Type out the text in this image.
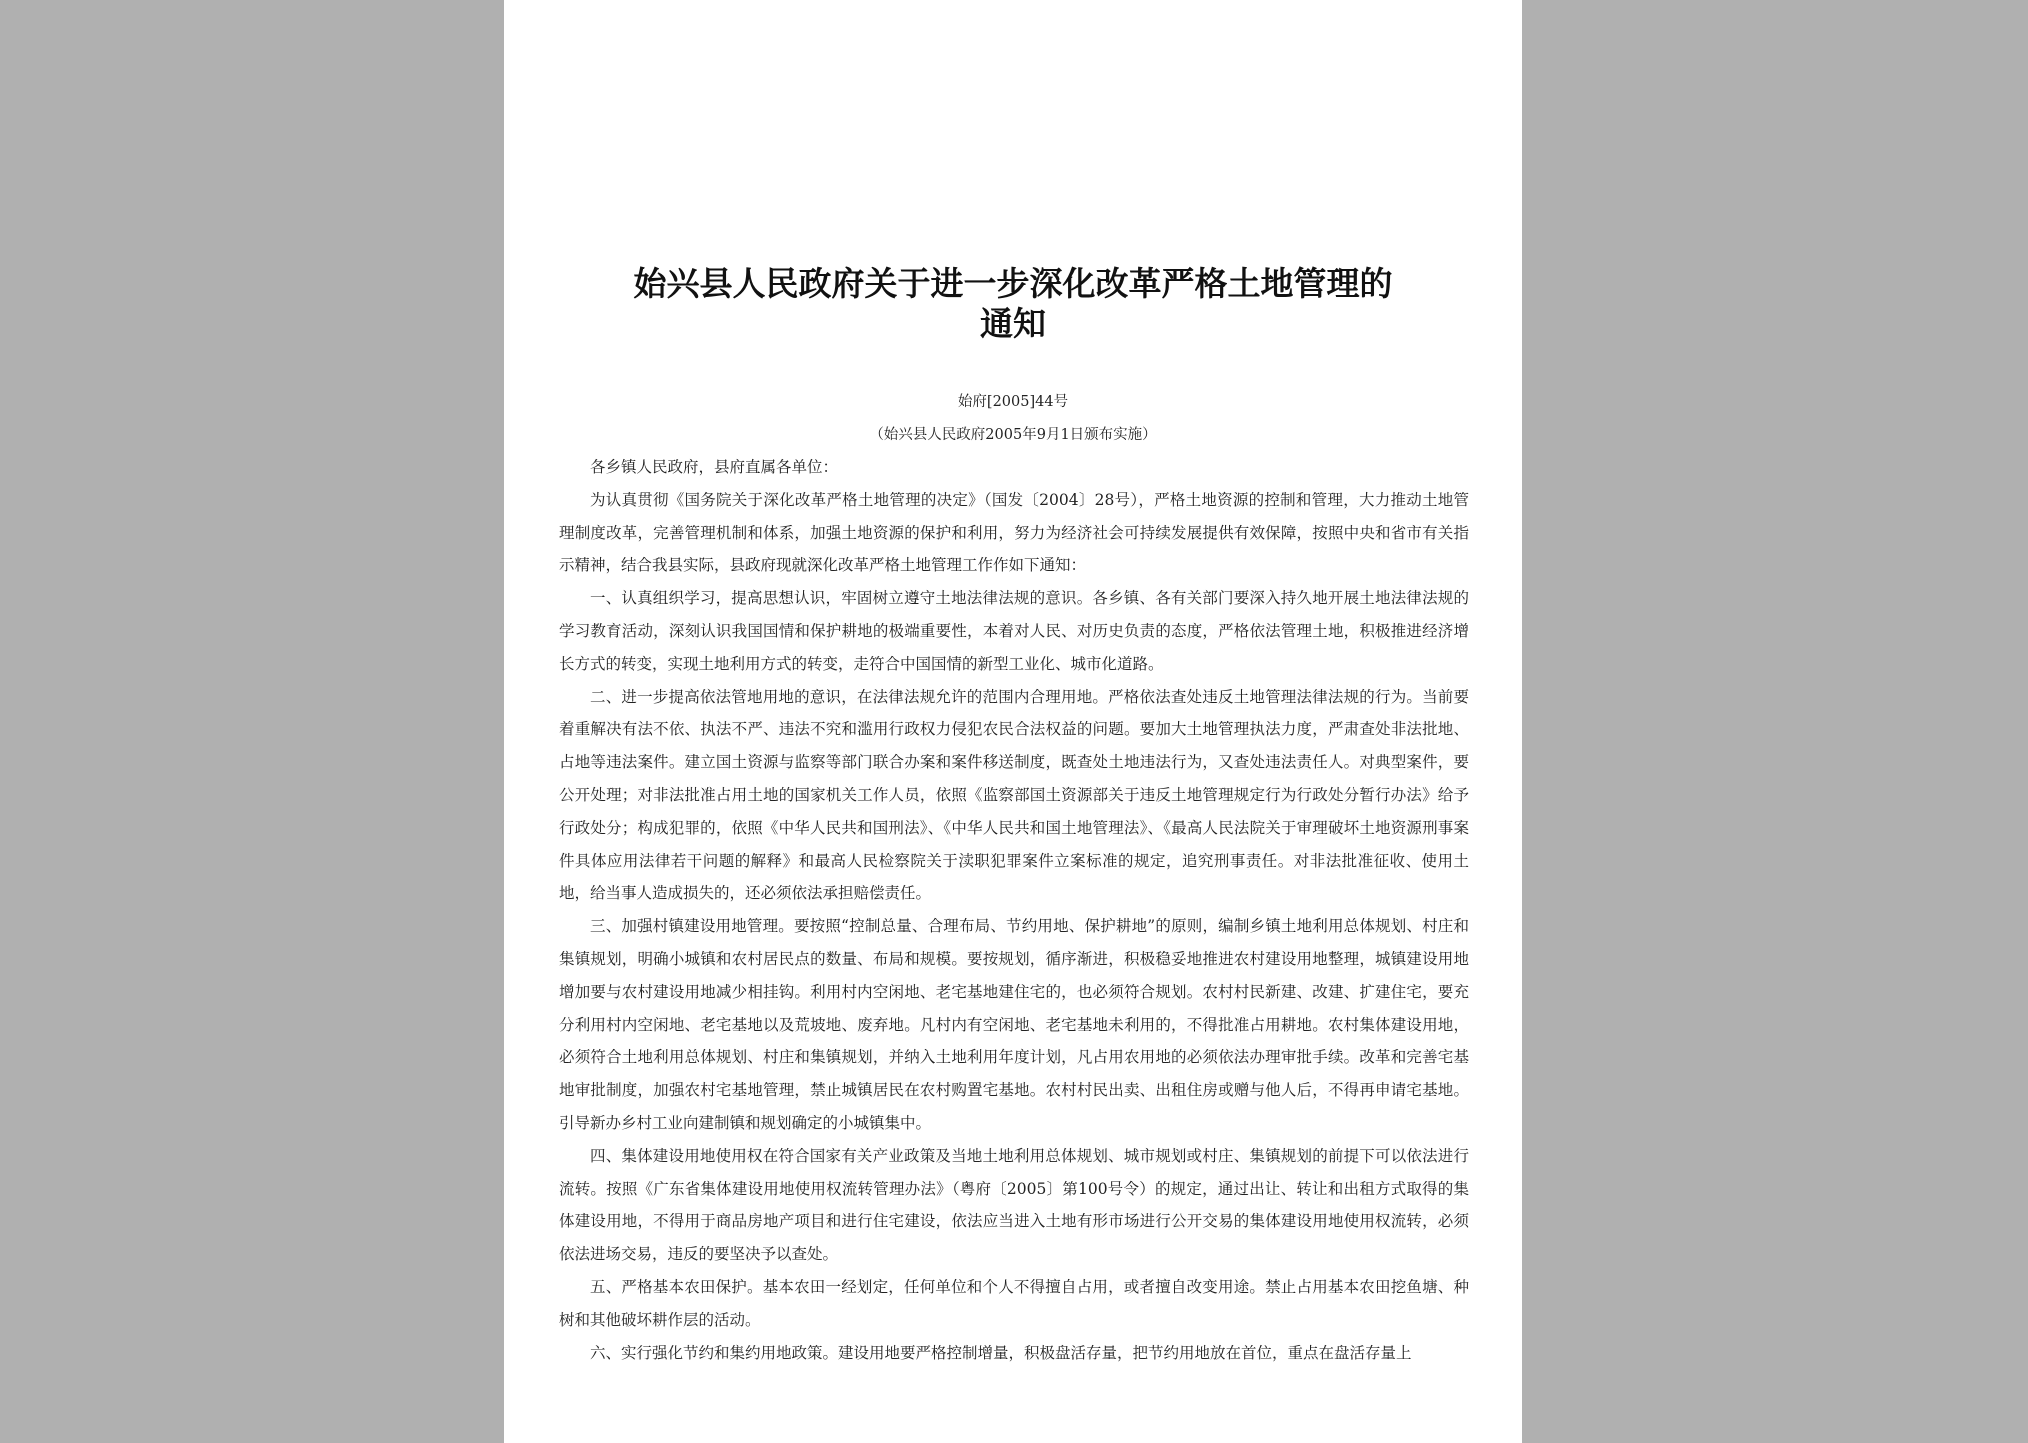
始兴县人民政府关于进一步深化改革严格土地管理的
通知
始府[2005]44号
（始兴县人民政府2005年9月1日颁布实施）

各乡镇人民政府，县府直属各单位：

为认真贯彻《国务院关于深化改革严格土地管理的决定》（国发〔2004〕28号），严格土地资源的控制和管理，大力推动土地管理制度改革，完善管理机制和体系，加强土地资源的保护和利用，努力为经济社会可持续发展提供有效保障，按照中央和省市有关指示精神，结合我县实际，县政府现就深化改革严格土地管理工作作如下通知：

一、认真组织学习，提高思想认识，牢固树立遵守土地法律法规的意识。各乡镇、各有关部门要深入持久地开展土地法律法规的学习教育活动，深刻认识我国国情和保护耕地的极端重要性，本着对人民、对历史负责的态度，严格依法管理土地，积极推进经济增长方式的转变，实现土地利用方式的转变，走符合中国国情的新型工业化、城市化道路。

二、进一步提高依法管地用地的意识，在法律法规允许的范围内合理用地。严格依法查处违反土地管理法律法规的行为。当前要着重解决有法不依、执法不严、违法不究和滥用行政权力侵犯农民合法权益的问题。要加大土地管理执法力度，严肃查处非法批地、占地等违法案件。建立国土资源与监察等部门联合办案和案件移送制度，既查处土地违法行为，又查处违法责任人。对典型案件，要公开处理；对非法批准占用土地的国家机关工作人员，依照《监察部国土资源部关于违反土地管理规定行为行政处分暂行办法》给予行政处分；构成犯罪的，依照《中华人民共和国刑法》、《中华人民共和国土地管理法》、《最高人民法院关于审理破坏土地资源刑事案件具体应用法律若干问题的解释》和最高人民检察院关于渎职犯罪案件立案标准的规定，追究刑事责任。对非法批准征收、使用土地，给当事人造成损失的，还必须依法承担赔偿责任。

三、加强村镇建设用地管理。要按照“控制总量、合理布局、节约用地、保护耕地”的原则，编制乡镇土地利用总体规划、村庄和集镇规划，明确小城镇和农村居民点的数量、布局和规模。要按规划，循序渐进，积极稳妥地推进农村建设用地整理，城镇建设用地增加要与农村建设用地减少相挂钩。利用村内空闲地、老宅基地建住宅的，也必须符合规划。农村村民新建、改建、扩建住宅，要充分利用村内空闲地、老宅基地以及荒坡地、废弃地。凡村内有空闲地、老宅基地未利用的，不得批准占用耕地。农村集体建设用地，必须符合土地利用总体规划、村庄和集镇规划，并纳入土地利用年度计划，凡占用农用地的必须依法办理审批手续。改革和完善宅基地审批制度，加强农村宅基地管理，禁止城镇居民在农村购置宅基地。农村村民出卖、出租住房或赠与他人后，不得再申请宅基地。引导新办乡村工业向建制镇和规划确定的小城镇集中。

四、集体建设用地使用权在符合国家有关产业政策及当地土地利用总体规划、城市规划或村庄、集镇规划的前提下可以依法进行流转。按照《广东省集体建设用地使用权流转管理办法》（粤府〔2005〕第100号令）的规定，通过出让、转让和出租方式取得的集体建设用地，不得用于商品房地产项目和进行住宅建设，依法应当进入土地有形市场进行公开交易的集体建设用地使用权流转，必须依法进场交易，违反的要坚决予以查处。

五、严格基本农田保护。基本农田一经划定，任何单位和个人不得擅自占用，或者擅自改变用途。禁止占用基本农田挖鱼塘、种树和其他破坏耕作层的活动。

六、实行强化节约和集约用地政策。建设用地要严格控制增量，积极盘活存量，把节约用地放在首位，重点在盘活存量上
